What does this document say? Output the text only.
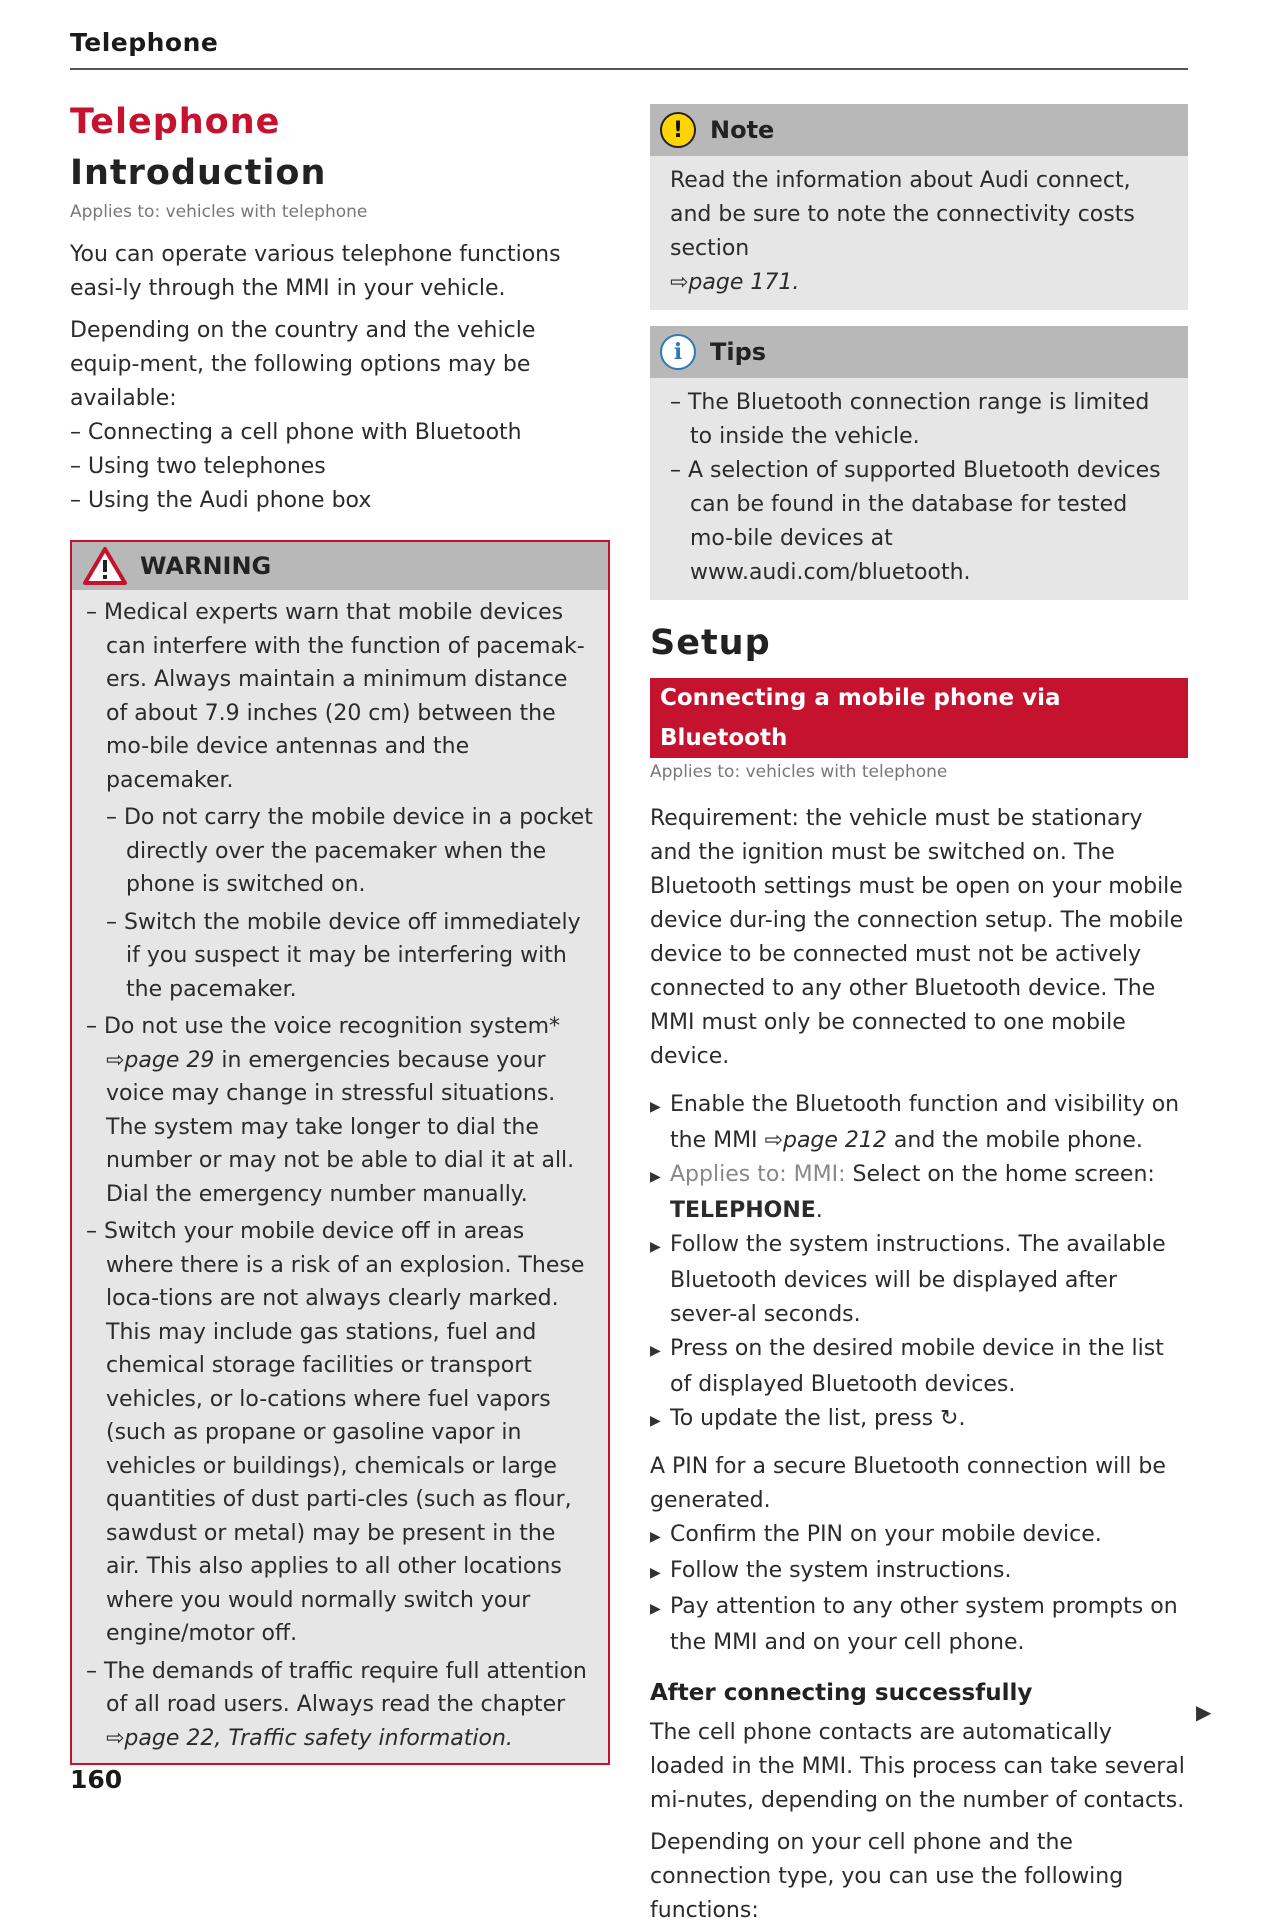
Telephone
Telephone
Introduction
Applies to: vehicles with telephone

You can operate various telephone functions easi-ly through the MMI in your vehicle.

Depending on the country and the vehicle equip-ment, the following options may be available:

– Connecting a cell phone with Bluetooth
– Using two telephones
– Using the Audi phone box
WARNING
– Medical experts warn that mobile devices can interfere with the function of pacemak-ers. Always maintain a minimum distance of about 7.9 inches (20 cm) between the mo-bile device antennas and the pacemaker.
– Do not carry the mobile device in a pocket directly over the pacemaker when the phone is switched on.
– Switch the mobile device off immediately if you suspect it may be interfering with the pacemaker.
– Do not use the voice recognition system*
⇨page 29 in emergencies because your voice may change in stressful situations. The system may take longer to dial the number or may not be able to dial it at all. Dial the emergency number manually.
– Switch your mobile device off in areas where there is a risk of an explosion. These loca-tions are not always clearly marked. This may include gas stations, fuel and chemical storage facilities or transport vehicles, or lo-cations where fuel vapors (such as propane or gasoline vapor in vehicles or buildings), chemicals or large quantities of dust parti-cles (such as flour, sawdust or metal) may be present in the air. This also applies to all other locations where you would normally switch your engine/motor off.
– The demands of traffic require full attention of all road users. Always read the chapter ⇨page 22, Traffic safety information.
!	Note
Read the information about Audi connect, and be sure to note the connectivity costs section
⇨page 171.
i	Tips
– The Bluetooth connection range is limited to inside the vehicle.
– A selection of supported Bluetooth devices can be found in the database for tested mo-bile devices at www.audi.com/bluetooth.
Setup
Connecting a mobile phone via Bluetooth
Applies to: vehicles with telephone

Requirement: the vehicle must be stationary and the ignition must be switched on. The Bluetooth settings must be open on your mobile device dur-ing the connection setup. The mobile device to be connected must not be actively connected to any other Bluetooth device. The MMI must only be connected to one mobile device.

▶ Enable the Bluetooth function and visibility on the MMI ⇨page 212 and the mobile phone.
▶ Applies to: MMI: Select on the home screen: TELEPHONE.
▶ Follow the system instructions. The available Bluetooth devices will be displayed after sever-al seconds.
▶ Press on the desired mobile device in the list of displayed Bluetooth devices.
▶ To update the list, press ↻.

A PIN for a secure Bluetooth connection will be generated.

▶ Confirm the PIN on your mobile device.
▶ Follow the system instructions.
▶ Pay attention to any other system prompts on the MMI and on your cell phone.
After connecting successfully

The cell phone contacts are automatically loaded in the MMI. This process can take several mi-nutes, depending on the number of contacts.

Depending on your cell phone and the connection type, you can use the following functions:

▶
160
